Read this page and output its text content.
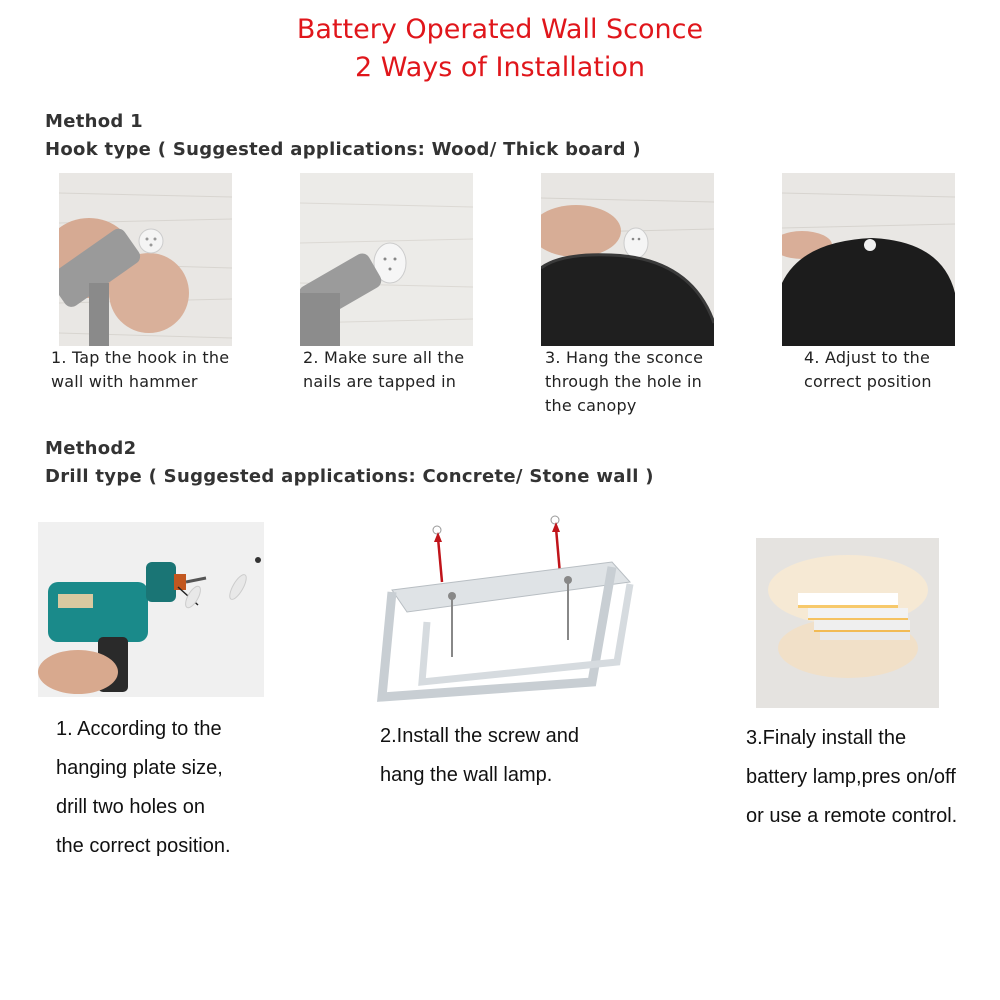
Battery Operated Wall Sconce
2 Ways of Installation
Method 1
Hook type ( Suggested applications: Wood/ Thick board )
1. Tap the hook in the
wall with hammer
2. Make sure all the
nails are tapped in
3. Hang the sconce
through the hole in
the canopy
4. Adjust to the
correct position
Method2
Drill type ( Suggested applications: Concrete/ Stone wall )
1. According to the
hanging plate size,
drill two holes on
the correct position.
2.Install the screw and
hang the wall lamp.
3.Finaly install the
battery lamp,pres on/off
or use a remote control.
